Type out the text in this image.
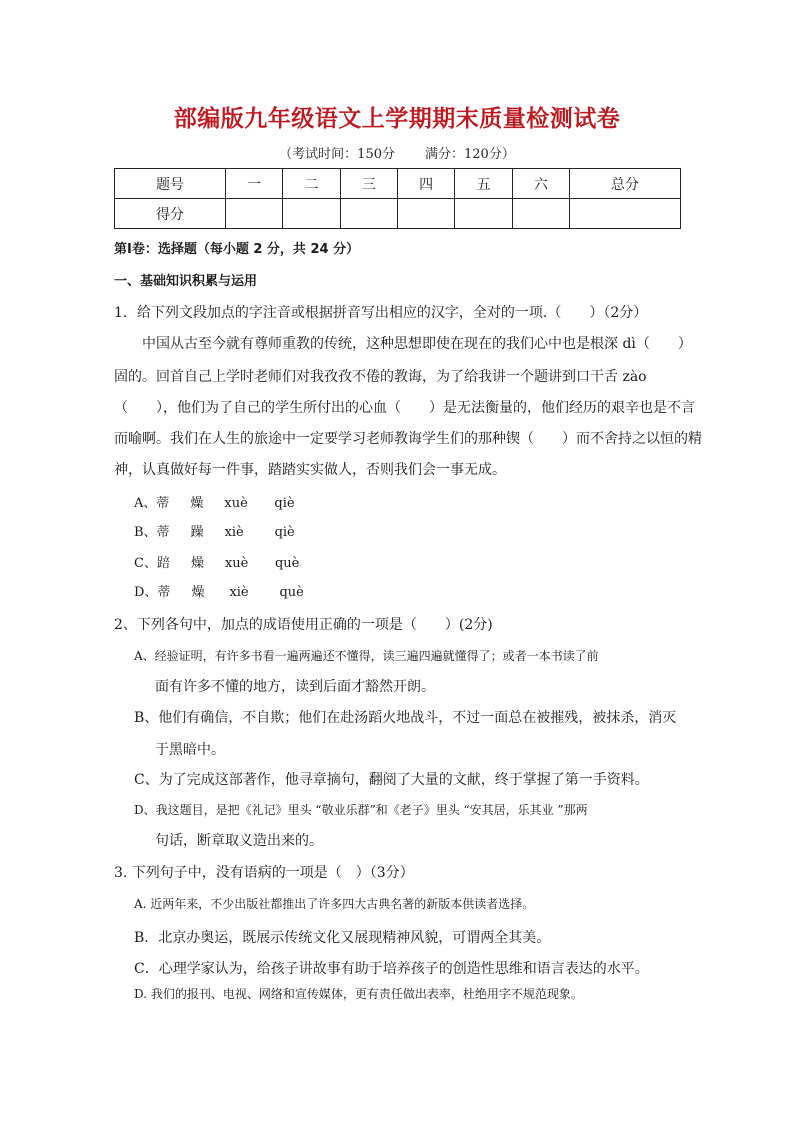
部编版九年级语文上学期期末质量检测试卷
（考试时间：150分 满分：120分）
题号	一	二	三	四	五	六	总分
得分							
第Ⅰ卷：选择题（每小题 2 分，共 24 分）
一、基础知识积累与运用
1．给下列文段加点的字注音或根据拼音写出相应的汉字，全对的一项.（　　）（2分）
中国从古至今就有尊师重教的传统，这种思想即使在现在的我们心中也是根深 dì（　　）
固的。回首自己上学时老师们对我孜孜不倦的教诲，为了给我讲一个题讲到口干舌 zào
（　　），他们为了自己的学生所付出的心血（　　）是无法衡量的，他们经历的艰辛也是不言
而喻啊。我们在人生的旅途中一定要学习老师教诲学生们的那种锲（　　）而不舍持之以恒的精
神，认真做好每一件事，踏踏实实做人，否则我们会一事无成。
A、蒂 燥 xuè qiè
B、蒂 躁 xiè qiè
C、踣 燥 xuè què
D、蒂 燥 xiè què
2、下列各句中，加点的成语使用正确的一项是（　　）(2分)
A、经验证明，有许多书看一遍两遍还不懂得，读三遍四遍就懂得了；或者一本书读了前
面有许多不懂的地方，读到后面才豁然开朗。
B、他们有确信，不自欺；他们在赴汤蹈火地战斗，不过一面总在被摧残，被抹杀，消灭
于黑暗中。
C、为了完成这部著作，他寻章摘句，翻阅了大量的文献，终于掌握了第一手资料。
D、我这题目，是把《礼记》里头 “敬业乐群”和《老子》里头 “安其居，乐其业 ”那两
句话，断章取义造出来的。
3. 下列句子中，没有语病的一项是（　）（3分）
A. 近两年来，不少出版社都推出了许多四大古典名著的新版本供读者选择。
B．北京办奥运，既展示传统文化又展现精神风貌，可谓两全其美。
C．心理学家认为，给孩子讲故事有助于培养孩子的创造性思维和语言表达的水平。
D. 我们的报刊、电视、网络和宣传媒体，更有责任做出表率，杜绝用字不规范现象。
